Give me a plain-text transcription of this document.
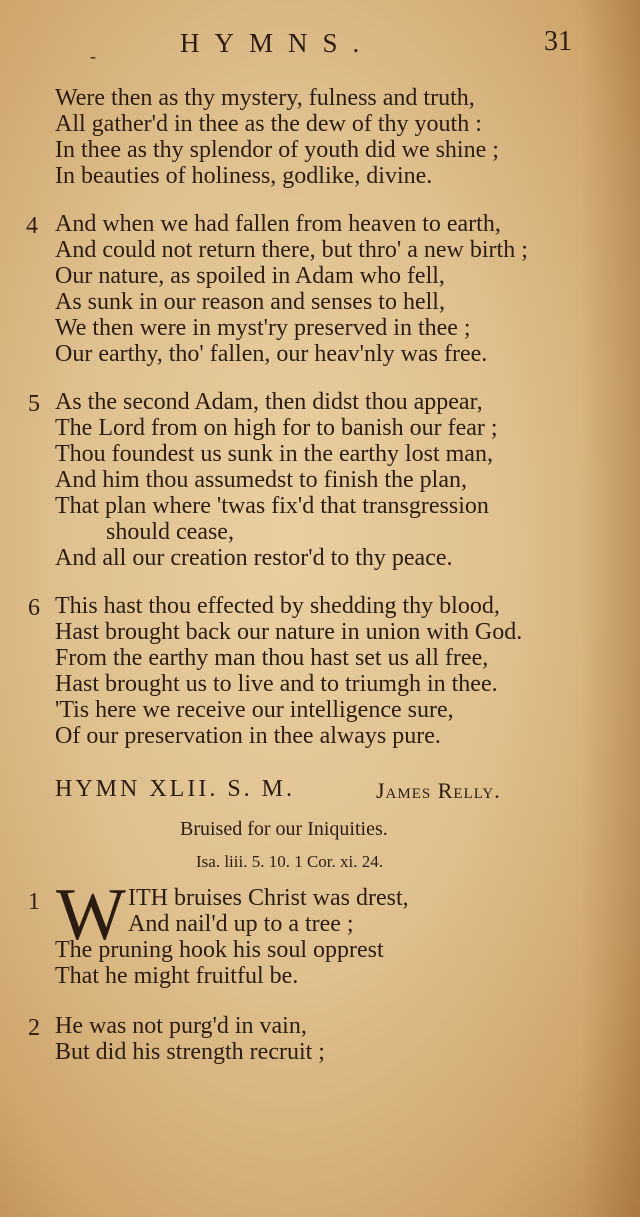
-	HYMNS.	31
Were then as thy mystery, fulness and truth,
All gather'd in thee as the dew of thy youth :
In thee as thy splendor of youth did we shine ;
In beauties of holiness, godlike, divine.
4 And when we had fallen from heaven to earth,
And could not return there, but thro' a new birth ;
Our nature, as spoiled in Adam who fell,
As sunk in our reason and senses to hell,
We then were in myst'ry preserved in thee ;
Our earthy, tho' fallen, our heav'nly was free.
5 As the second Adam, then didst thou appear,
The Lord from on high for to banish our fear ;
Thou foundest us sunk in the earthy lost man,
And him thou assumedst to finish the plan,
That plan where 'twas fix'd that transgression
should cease,
And all our creation restor'd to thy peace.
6 This hast thou effected by shedding thy blood,
Hast brought back our nature in union with God.
From the earthy man thou hast set us all free,
Hast brought us to live and to triumgh in thee.
'Tis here we receive our intelligence sure,
Of our preservation in thee always pure.
HYMN XLII. S. M.	James Relly.
Bruised for our Iniquities.
Isa. liii. 5. 10. 1 Cor. xi. 24.
1 W ITH bruises Christ was drest,
And nail'd up to a tree ;
The pruning hook his soul opprest
That he might fruitful be.
2 He was not purg'd in vain,
But did his strength recruit ;
